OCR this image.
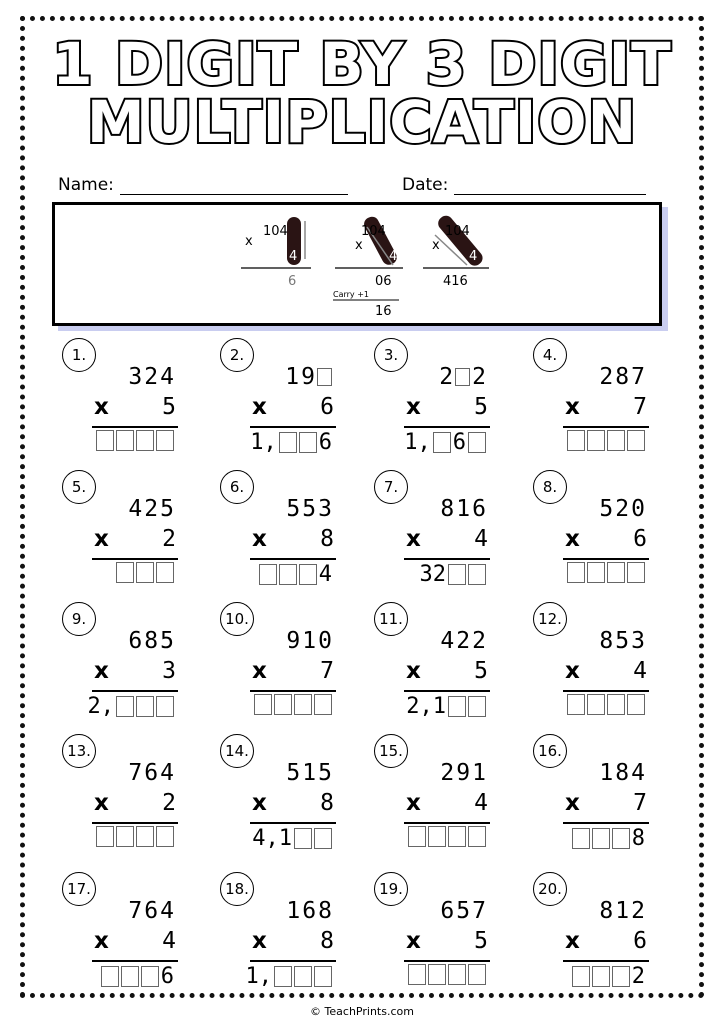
1 DIGIT BY 3 DIGIT
MULTIPLICATION
Name:	Date:
x
104
4
6
104
x
4
06
Carry +1
16
104
x
4
416
1.
3 2 4
x 5
2.
1 9
x 6
1, 6
3.
2 2
x 5
1, 6
4.
2 8 7
x 7
5.
4 2 5
x 2
6.
5 5 3
x 8
4
7.
8 1 6
x 4
32
8.
5 2 0
x 6
9.
6 8 5
x 3
2,
10.
9 1 0
x 7
11.
4 2 2
x 5
2,1
12.
8 5 3
x 4
13.
7 6 4
x 2
14.
5 1 5
x 8
4,1
15.
2 9 1
x 4
16.
1 8 4
x 7
8
17.
7 6 4
x 4
6
18.
1 6 8
x 8
1,
19.
6 5 7
x 5
20.
8 1 2
x 6
2
© TeachPrints.com
